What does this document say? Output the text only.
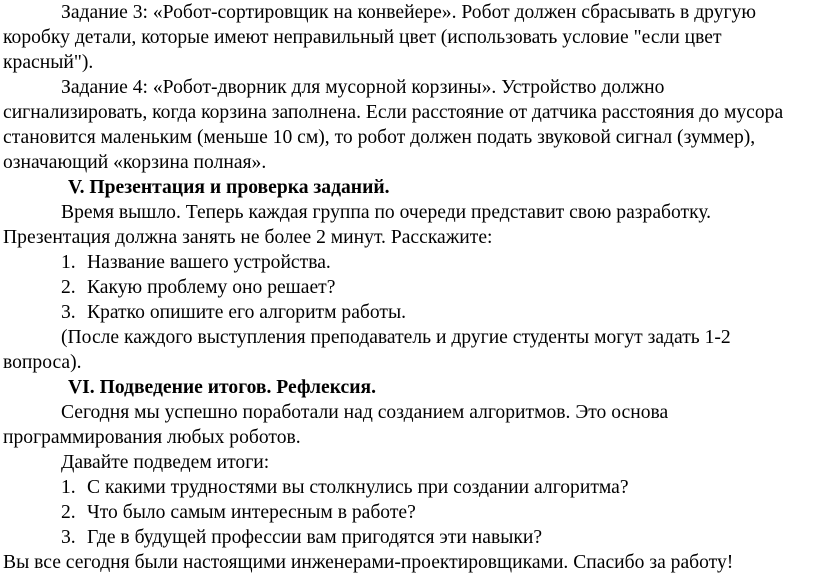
Задание 3: «Робот-сортировщик на конвейере». Робот должен сбрасывать в другую коробку детали, которые имеют неправильный цвет (использовать условие "если цвет красный").

Задание 4: «Робот-дворник для мусорной корзины». Устройство должно сигнализировать, когда корзина заполнена. Если расстояние от датчика расстояния до мусора становится маленьким (меньше 10 см), то робот должен подать звуковой сигнал (зуммер), означающий «корзина полная».

V. Презентация и проверка заданий.

Время вышло. Теперь каждая группа по очереди представит свою разработку. Презентация должна занять не более 2 минут. Расскажите:

1. Название вашего устройства.
2. Какую проблему оно решает?
3. Кратко опишите его алгоритм работы.

(После каждого выступления преподаватель и другие студенты могут задать 1-2 вопроса).

VI. Подведение итогов. Рефлексия.

Сегодня мы успешно поработали над созданием алгоритмов. Это основа программирования любых роботов.

Давайте подведем итоги:

1. С какими трудностями вы столкнулись при создании алгоритма?
2. Что было самым интересным в работе?
3. Где в будущей профессии вам пригодятся эти навыки?

Вы все сегодня были настоящими инженерами-проектировщиками. Спасибо за работу!
